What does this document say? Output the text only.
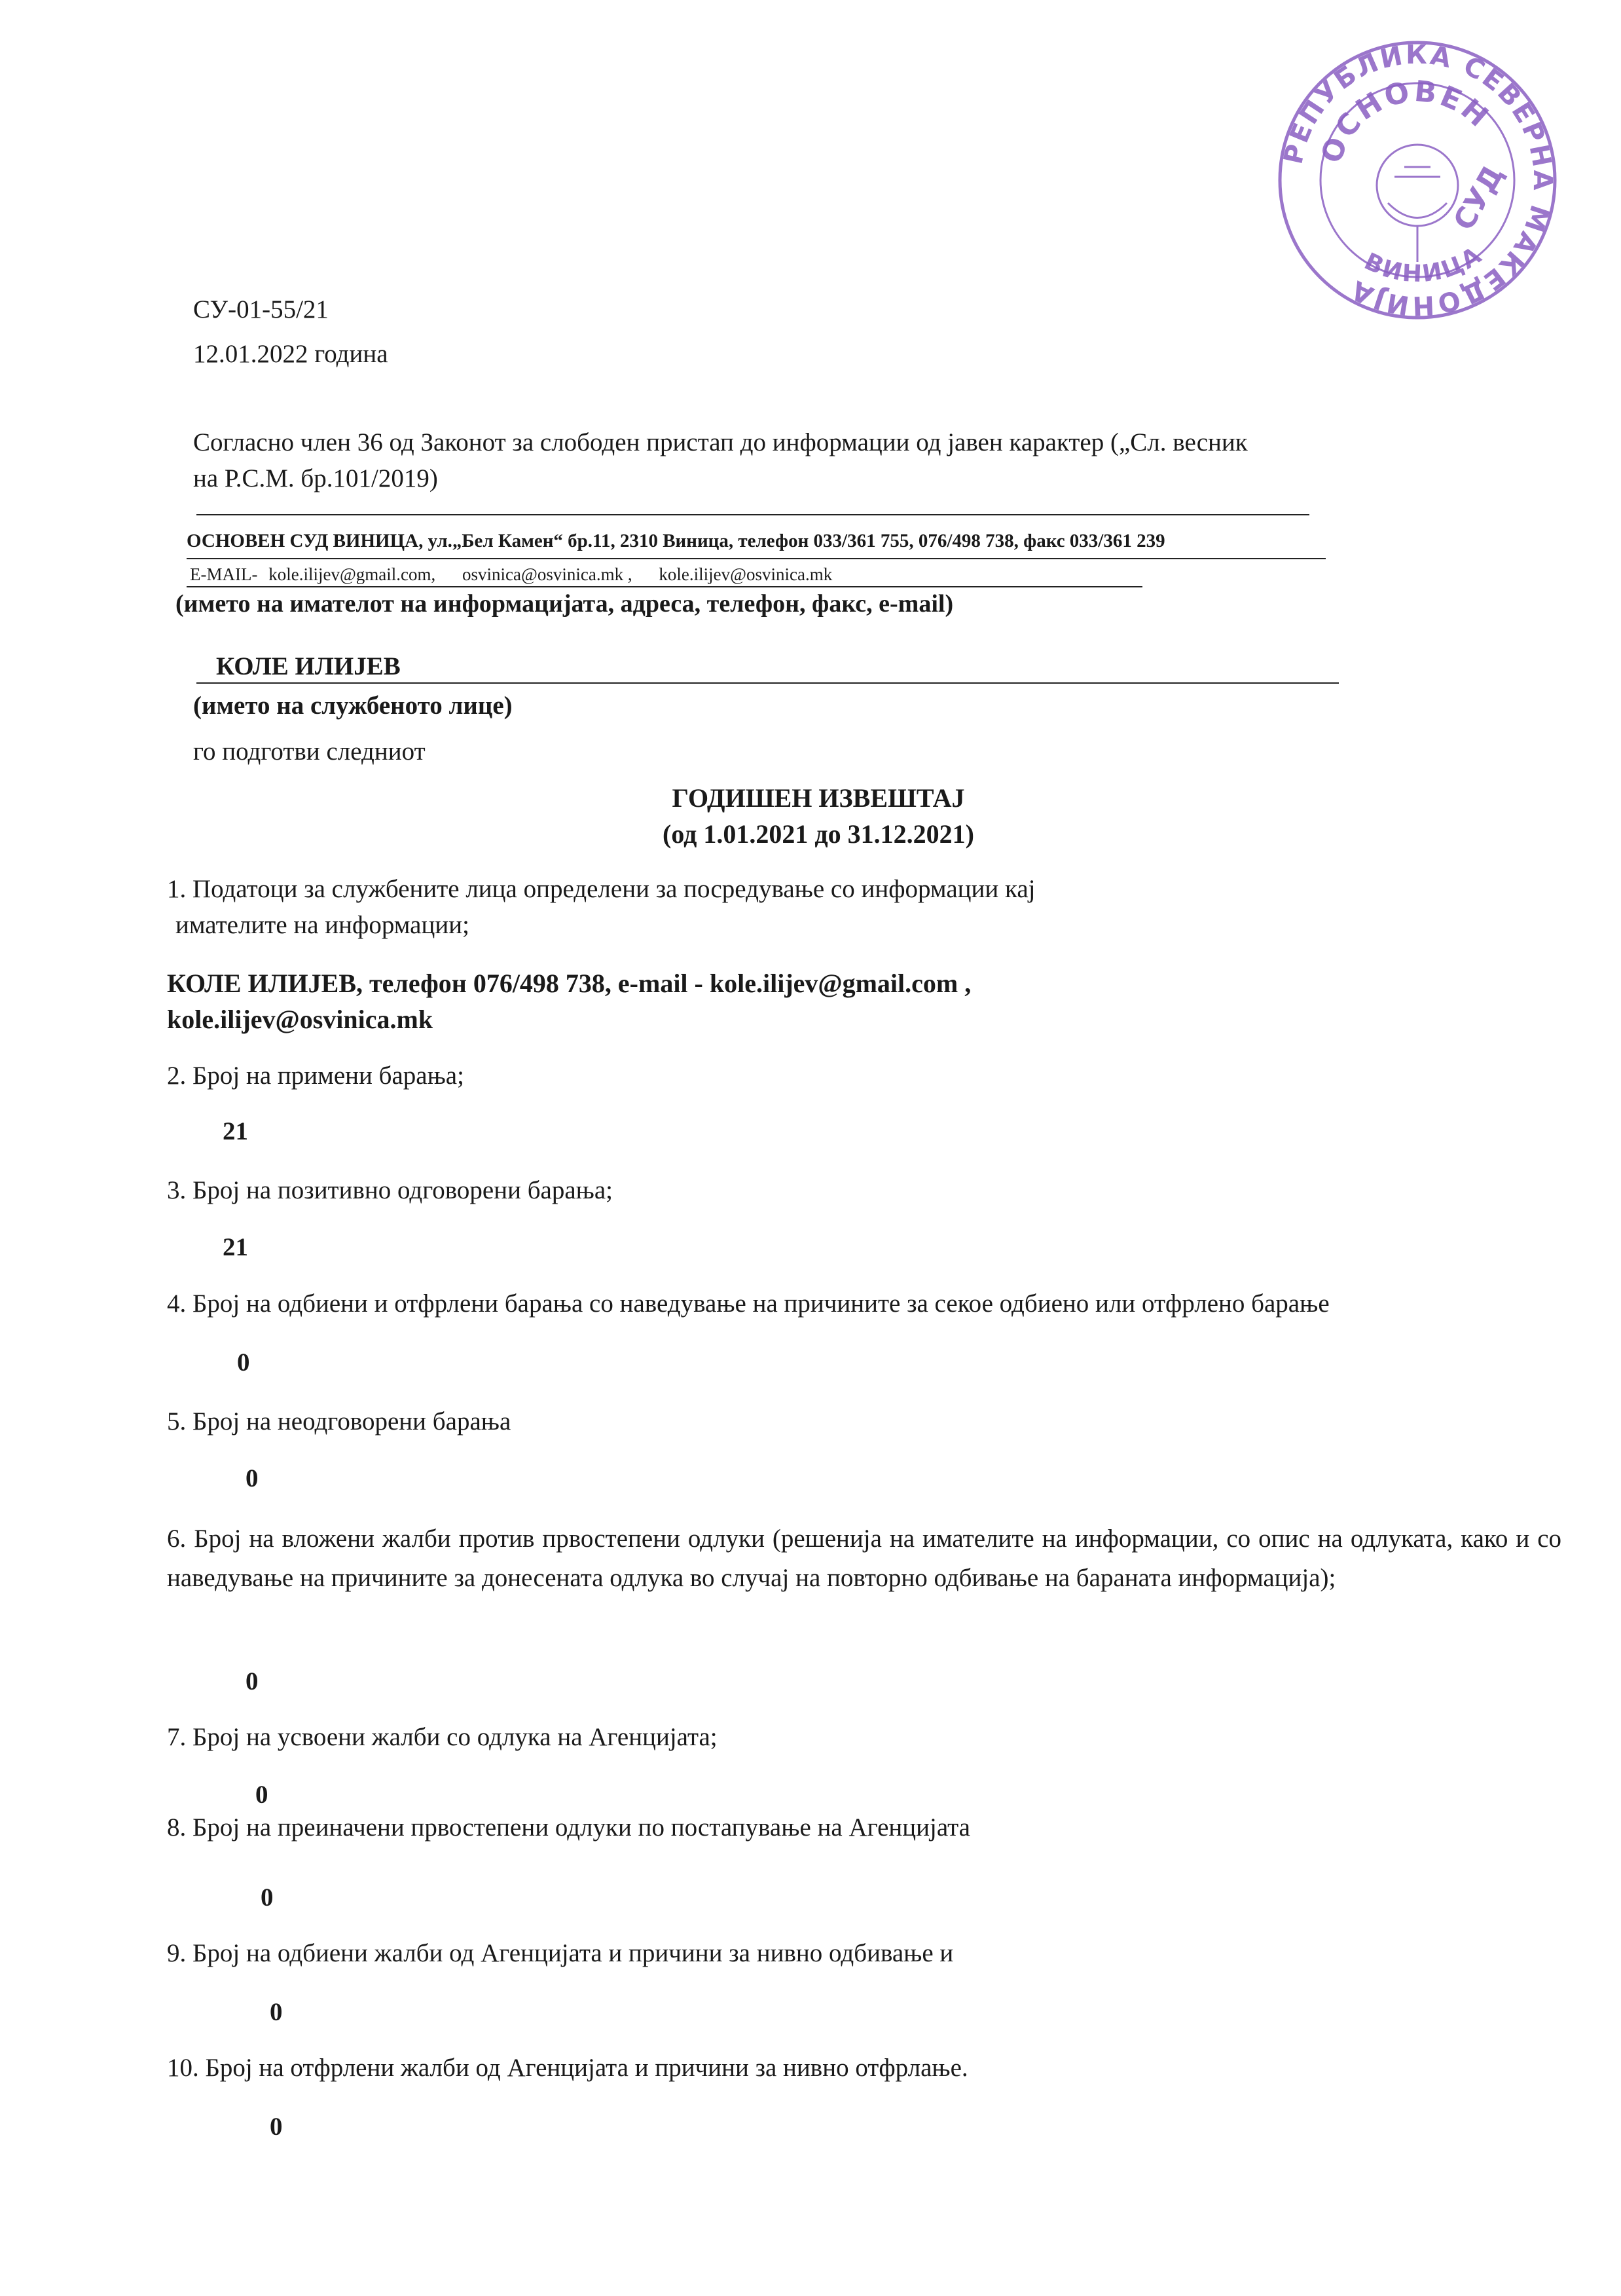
РЕПУБЛИКА СЕВЕРНА МАКЕДОНИЈА
ОСНОВЕН
СУД
ВИНИЦА
СУ-01-55/21
12.01.2022 година
Согласно член 36 од Законот за слободен пристап до информации од јавен карактер („Сл. весник
на Р.С.М. бр.101/2019)
ОСНОВЕН СУД ВИНИЦА, ул.„Бел Камен“ бр.11, 2310 Виница, телефон 033/361 755, 076/498 738, факс 033/361 239
E-MAIL- kole.ilijev@gmail.com, osvinica@osvinica.mk , kole.ilijev@osvinica.mk
(името на имателот на информацијата, адреса, телефон, факс, e-mail)
КОЛЕ ИЛИЈЕВ
(името на службеното лице)
го подготви следниот
ГОДИШЕН ИЗВЕШТАЈ
(од 1.01.2021 до 31.12.2021)
1. Податоци за службените лица определени за посредување со информации кај
имателите на информации;
КОЛЕ ИЛИЈЕВ, телефон 076/498 738, e-mail - kole.ilijev@gmail.com ,
kole.ilijev@osvinica.mk
2. Број на примени барања;
21
3. Број на позитивно одговорени барања;
21
4. Број на одбиени и отфрлени барања со наведување на причините за секое одбиено или отфрлено барање
0
5. Број на неодговорени барања
0
6. Број на вложени жалби против првостепени одлуки (решенија на имателите на информации, со опис на одлуката, како и со наведување на причините за донесената одлука во случај на повторно одбивање на бараната информација);
0
7. Број на усвоени жалби со одлука на Агенцијата;
0
8. Број на преиначени првостепени одлуки по постапување на Агенцијата
0
9. Број на одбиени жалби од Агенцијата и причини за нивно одбивање и
0
10. Број на отфрлени жалби од Агенцијата и причини за нивно отфрлање.
0
